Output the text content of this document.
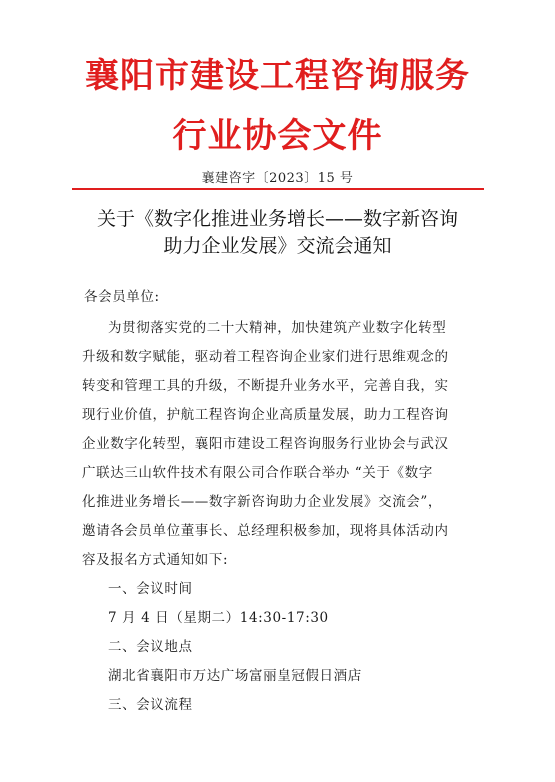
襄阳市建设工程咨询服务
行业协会文件
襄建咨字〔2023〕15 号
关于《数字化推进业务增长——数字新咨询
助力企业发展》交流会通知
各会员单位:
为贯彻落实党的二十大精神，加快建筑产业数字化转型
升级和数字赋能，驱动着工程咨询企业家们进行思维观念的
转变和管理工具的升级，不断提升业务水平，完善自我，实
现行业价值，护航工程咨询企业高质量发展，助力工程咨询
企业数字化转型，襄阳市建设工程咨询服务行业协会与武汉
广联达三山软件技术有限公司合作联合举办 “关于《数字
化推进业务增长——数字新咨询助力企业发展》交流会”，
邀请各会员单位董事长、总经理积极参加，现将具体活动内
容及报名方式通知如下:
一、会议时间
7 月 4 日（星期二）14:30-17:30
二、会议地点
湖北省襄阳市万达广场富丽皇冠假日酒店
三、会议流程
